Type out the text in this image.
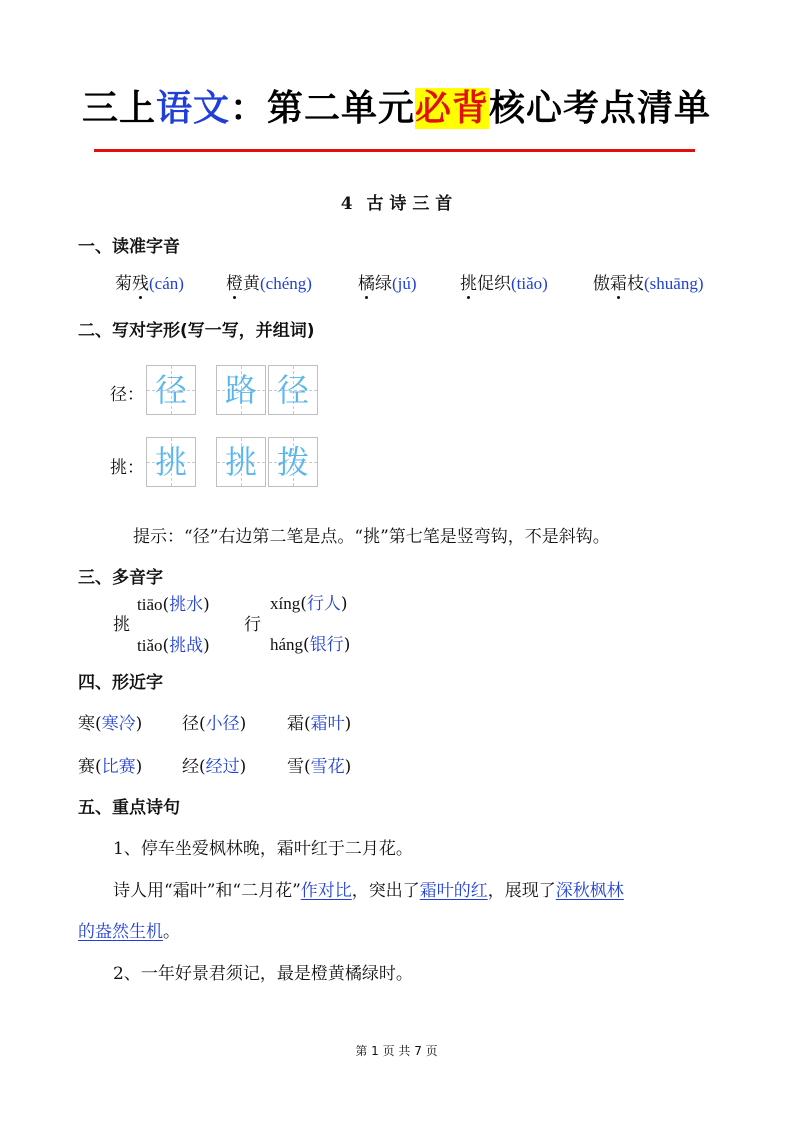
三上语文：第二单元必背核心考点清单
4 古 诗 三 首
一、读准字音
菊残(cán) 橙黄(chéng)	橘绿(jú)	挑促织(tiǎo)	傲霜枝(shuāng)
二、写对字形(写一写，并组词)
径： 径 路 径
挑： 挑 挑 拨
提示：“径”右边第二笔是点。“挑”第七笔是竖弯钩，不是斜钩。
三、多音字
挑
tiāo(挑水)
tiǎo(挑战)
行
xíng(行人)
háng(银行)
四、形近字
寒(寒冷) 径(小径) 霜(霜叶)
赛(比赛) 经(经过) 雪(雪花)
五、重点诗句
1、停车坐爱枫林晚，霜叶红于二月花。
诗人用“霜叶”和“二月花”作对比，突出了霜叶的红，展现了深秋枫林
的盎然生机。
2、一年好景君须记，最是橙黄橘绿时。
第 1 页 共 7 页
